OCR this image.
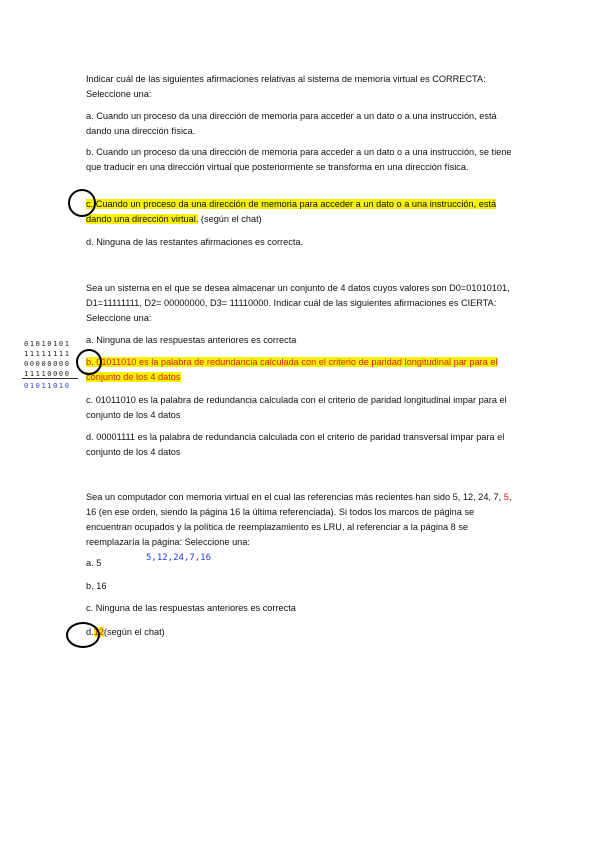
Indicar cuál de las siguientes afirmaciones relativas al sistema de memoria virtual es CORRECTA: Seleccione una:

a. Cuando un proceso da una dirección de memoria para acceder a un dato o a una instrucción, está dando una dirección física.

b. Cuando un proceso da una dirección de memoria para acceder a un dato o a una instrucción, se tiene que traducir en una dirección virtual que posteriormente se transforma en una dirección física.

c. Cuando un proceso da una dirección de memoria para acceder a un dato o a una instrucción, está dando una dirección virtual. (según el chat)

d. Ninguna de las restantes afirmaciones es correcta.

Sea un sistema en el que se desea almacenar un conjunto de 4 datos cuyos valores son D0=01010101, D1=11111111, D2= 00000000, D3= 11110000. Indicar cuál de las siguientes afirmaciones es CIERTA: Seleccione una:

a. Ninguna de las respuestas anteriores es correcta

b. 01011010 es la palabra de redundancia calculada con el criterio de paridad longitudinal par para el conjunto de los 4 datos

c. 01011010 es la palabra de redundancia calculada con el criterio de paridad longitudinal impar para el conjunto de los 4 datos

d. 00001111 es la palabra de redundancia calculada con el criterio de paridad transversal impar para el conjunto de los 4 datos

01010101
11111111
00000000
11110000
01011010

Sea un computador con memoria virtual en el cual las referencias más recientes han sido 5, 12, 24, 7, 5, 16 (en ese orden, siendo la página 16 la última referenciada). Si todos los marcos de página se encuentran ocupados y la política de reemplazamiento es LRU, al referenciar a la página 8 se reemplazaría la página: Seleccione una:

a. 5	5,12,24,7,16

b. 16

c. Ninguna de las respuestas anteriores es correcta

d.12(según el chat)
